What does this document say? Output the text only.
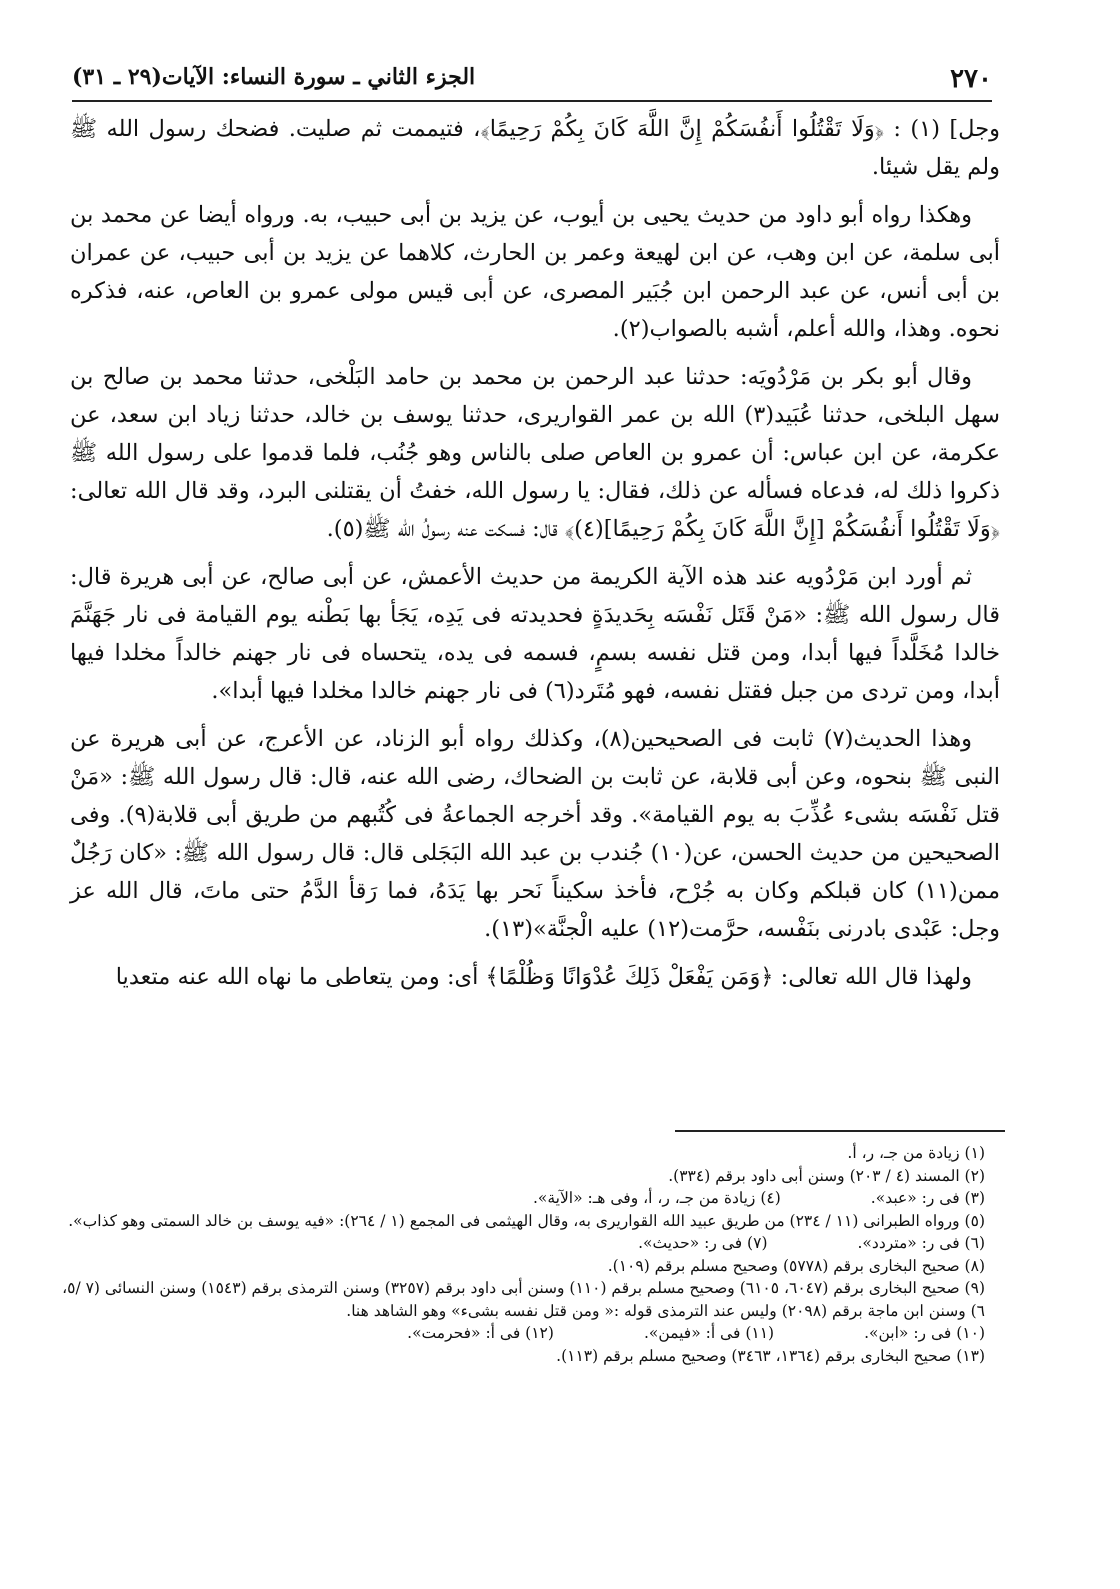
٢٧٠
الجزء الثاني ـ سورة النساء: الآيات(٢٩ ـ ٣١)

وجل] (١) : ﴿وَلَا تَقْتُلُوا أَنفُسَكُمْ إِنَّ اللَّهَ كَانَ بِكُمْ رَحِيمًا﴾، فتيممت ثم صليت. فضحك رسول الله ﷺ ولم يقل شيئا.

وهكذا رواه أبو داود من حديث يحيى بن أيوب، عن يزيد بن أبى حبيب، به. ورواه أيضا عن محمد بن أبى سلمة، عن ابن وهب، عن ابن لهيعة وعمر بن الحارث، كلاهما عن يزيد بن أبى حبيب، عن عمران بن أبى أنس، عن عبد الرحمن ابن جُبَير المصرى، عن أبى قيس مولى عمرو بن العاص، عنه، فذكره نحوه. وهذا، والله أعلم، أشبه بالصواب(٢).

وقال أبو بكر بن مَرْدُويَه: حدثنا عبد الرحمن بن محمد بن حامد البَلْخى، حدثنا محمد بن صالح بن سهل البلخى، حدثنا عُبَيد(٣) الله بن عمر القواريرى، حدثنا يوسف بن خالد، حدثنا زياد ابن سعد، عن عكرمة، عن ابن عباس: أن عمرو بن العاص صلى بالناس وهو جُنُب، فلما قدموا على رسول الله ﷺ ذكروا ذلك له، فدعاه فسأله عن ذلك، فقال: يا رسول الله، خفتُ أن يقتلنى البرد، وقد قال الله تعالى: ﴿وَلَا تَقْتُلُوا أَنفُسَكُمْ [إِنَّ اللَّهَ كَانَ بِكُمْ رَحِيمًا](٤)﴾ قال: فسكت عنه رسولُ الله ﷺ(٥).

ثم أورد ابن مَرْدُويه عند هذه الآية الكريمة من حديث الأعمش، عن أبى صالح، عن أبى هريرة قال: قال رسول الله ﷺ: «مَنْ قَتَل نَفْسَه بِحَديدَةٍ فحديدته فى يَدِه، يَجَأ بها بَطْنه يوم القيامة فى نار جَهَنَّمَ خالدا مُخَلَّداً فيها أبدا، ومن قتل نفسه بسمٍ، فسمه فى يده، يتحساه فى نار جهنم خالداً مخلدا فيها أبدا، ومن تردى من جبل فقتل نفسه، فهو مُتَرد(٦) فى نار جهنم خالدا مخلدا فيها أبدا».

وهذا الحديث(٧) ثابت فى الصحيحين(٨)، وكذلك رواه أبو الزناد، عن الأعرج، عن أبى هريرة عن النبى ﷺ بنحوه، وعن أبى قلابة، عن ثابت بن الضحاك، رضى الله عنه، قال: قال رسول الله ﷺ: «مَنْ قتل نَفْسَه بشىء عُذِّبَ به يوم القيامة». وقد أخرجه الجماعةُ فى كُتُبهم من طريق أبى قلابة(٩). وفى الصحيحين من حديث الحسن، عن(١٠) جُندب بن عبد الله البَجَلى قال: قال رسول الله ﷺ: «كان رَجُلٌ ممن(١١) كان قبلكم وكان به جُرْح، فأخذ سكيناً نَحر بها يَدَهُ، فما رَقأ الدَّمُ حتى ماتَ، قال الله عز وجل: عَبْدى بادرنى بنَفْسه، حرَّمت(١٢) عليه الْجنَّة»(١٣).

ولهذا قال الله تعالى: ﴿وَمَن يَفْعَلْ ذَلِكَ عُدْوَانًا وَظُلْمًا﴾ أى: ومن يتعاطى ما نهاه الله عنه متعديا

(١) زيادة من جـ، ر، أ.

(٢) المسند (٤ / ٢٠٣) وسنن أبى داود برقم (٣٣٤).

(٣) فى ر: «عبد».
(٤) زيادة من جـ، ر، أ، وفى هـ: «الآية».

(٥) ورواه الطبرانى (١١ / ٢٣٤) من طريق عبيد الله القواريرى به، وقال الهيثمى فى المجمع (١ / ٢٦٤): «فيه يوسف بن خالد السمتى وهو كذاب».

(٦) فى ر: «متردد».
(٧) فى ر: «حديث».

(٨) صحيح البخارى برقم (٥٧٧٨) وصحيح مسلم برقم (١٠٩).

(٩) صحيح البخارى برقم (٦٠٤٧، ٦١٠٥) وصحيح مسلم برقم (١١٠) وسنن أبى داود برقم (٣٢٥٧) وسنن الترمذى برقم (١٥٤٣) وسنن النسائى (٧ /٥، ٦) وسنن ابن ماجة برقم (٢٠٩٨) وليس عند الترمذى قوله :« ومن قتل نفسه بشىء» وهو الشاهد هنا.

(١٠) فى ر: «ابن».
(١١) فى أ: «فيمن».
(١٢) فى أ: «فحرمت».

(١٣) صحيح البخارى برقم (١٣٦٤، ٣٤٦٣) وصحيح مسلم برقم (١١٣).
